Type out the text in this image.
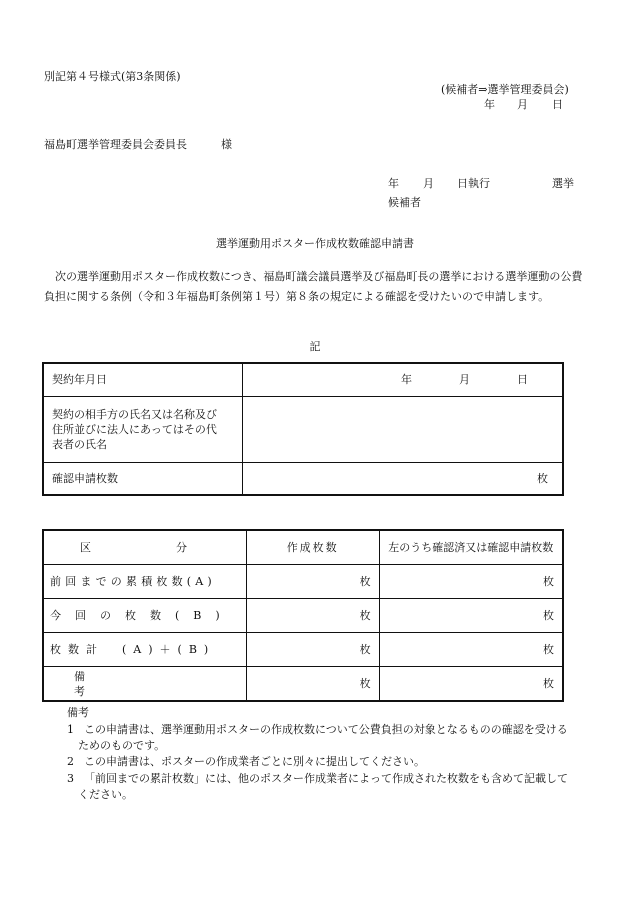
別記第４号様式(第3条関係)
(候補者⇒選挙管理委員会)
年 月 日
福島町選挙管理委員会委員長	様
年 月 日執行	選挙
候補者
選挙運動用ポスター作成枚数確認申請書
次の選挙運動用ポスター作成枚数につき、福島町議会議員選挙及び福島町長の選挙における選挙運動の公費負担に関する条例（令和３年福島町条例第１号）第８条の規定による確認を受けたいので申請します。
記
契約年月日	年 月 日

契約の相手方の氏名又は名称及び
住所並びに法人にあってはその代
表者の氏名	

確認申請枚数	枚
区 分	作成枚数	左のうち確認済又は確認申請枚数
前回までの累積枚数(A)	枚	枚
今回の枚数(B)	枚	枚
枚数計　(A)＋(B)	枚	枚
備考	枚	枚
備考
1 この申請書は、選挙運動用ポスターの作成枚数について公費負担の対象となるものの確認を受ける
ためのものです。
2 この申請書は、ポスターの作成業者ごとに別々に提出してください。
3 「前回までの累計枚数」には、他のポスター作成業者によって作成された枚数をも含めて記載して
ください。
